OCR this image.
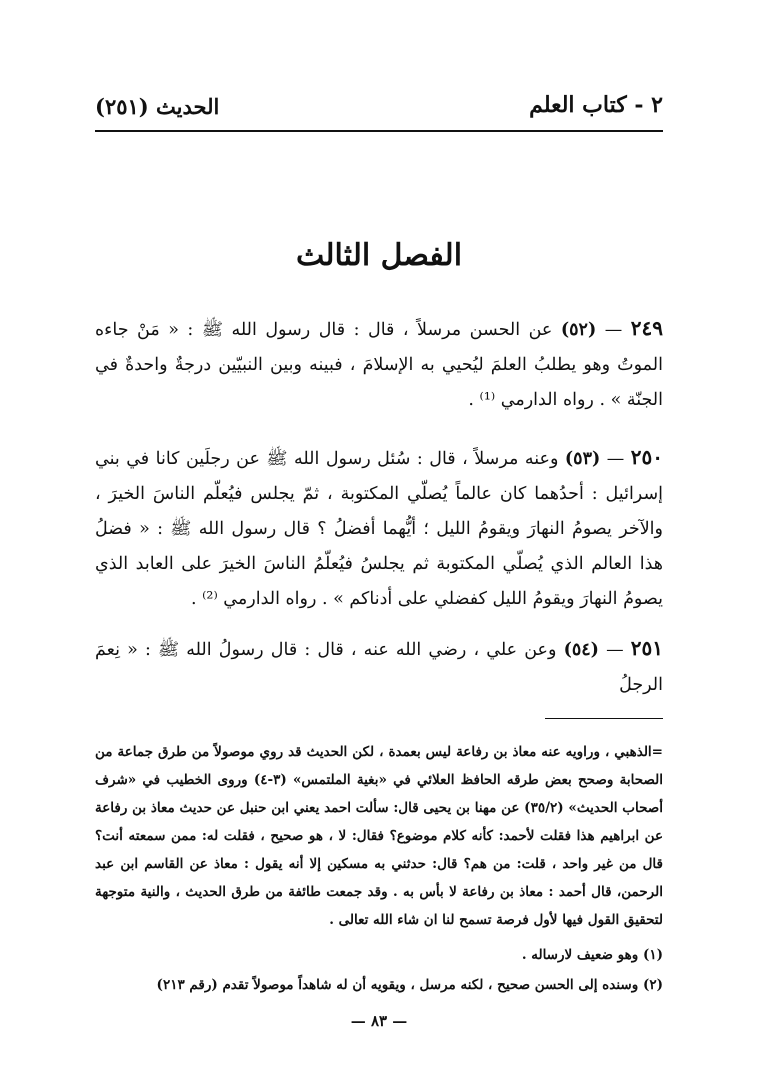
٢ - كتاب العلم
الحديث (٢٥١)
الفصل الثالث
٢٤٩ — (٥٢) عن الحسن مرسلاً ، قال : قال رسول الله ﷺ : « مَنْ جاءه الموتُ وهو يطلبُ العلمَ ليُحيي به الإسلامَ ، فبينه وبين النبيّين درجةٌ واحدةٌ في الجنّة » . رواه الدارمي ⁽¹⁾ .
٢٥٠ — (٥٣) وعنه مرسلاً ، قال : سُئل رسول الله ﷺ عن رجلَين كانا في بني إسرائيل : أحدُهما كان عالماً يُصلّي المكتوبة ، ثمّ يجلس فيُعلّم الناسَ الخيرَ ، والآخر يصومُ النهارَ ويقومُ الليل ؛ أيُّهما أفضلُ ؟ قال رسول الله ﷺ : « فضلُ هذا العالم الذي يُصلّي المكتوبة ثم يجلسُ فيُعلّمُ الناسَ الخيرَ على العابد الذي يصومُ النهارَ ويقومُ الليل كفضلي على أدناكم » . رواه الدارمي ⁽²⁾ .
٢٥١ — (٥٤) وعن علي ، رضي الله عنه ، قال : قال رسولُ الله ﷺ : « نِعمَ الرجلُ
=الذهبي ، وراويه عنه معاذ بن رفاعة ليس بعمدة ، لكن الحديث قد روي موصولاً من طرق جماعة من الصحابة وصحح بعض طرقه الحافظ العلائي في «بغية الملتمس» (٣-٤) وروى الخطيب في «شرف أصحاب الحديث» (٣٥/٢) عن مهنا بن يحيى قال: سألت احمد يعني ابن حنبل عن حديث معاذ بن رفاعة عن ابراهيم هذا فقلت لأحمد: كأنه كلام موضوع؟ فقال: لا ، هو صحيح ، فقلت له: ممن سمعته أنت؟ قال من غير واحد ، قلت: من هم؟ قال: حدثني به مسكين إلا أنه يقول : معاذ عن القاسم ابن عبد الرحمن، قال أحمد : معاذ بن رفاعة لا بأس به . وقد جمعت طائفة من طرق الحديث ، والنية متوجهة لتحقيق القول فيها لأول فرصة تسمح لنا ان شاء الله تعالى .
(١) وهو ضعيف لارساله .
(٢) وسنده إلى الحسن صحيح ، لكنه مرسل ، ويقويه أن له شاهداً موصولاً تقدم (رقم ٢١٣)
— ٨٣ —
